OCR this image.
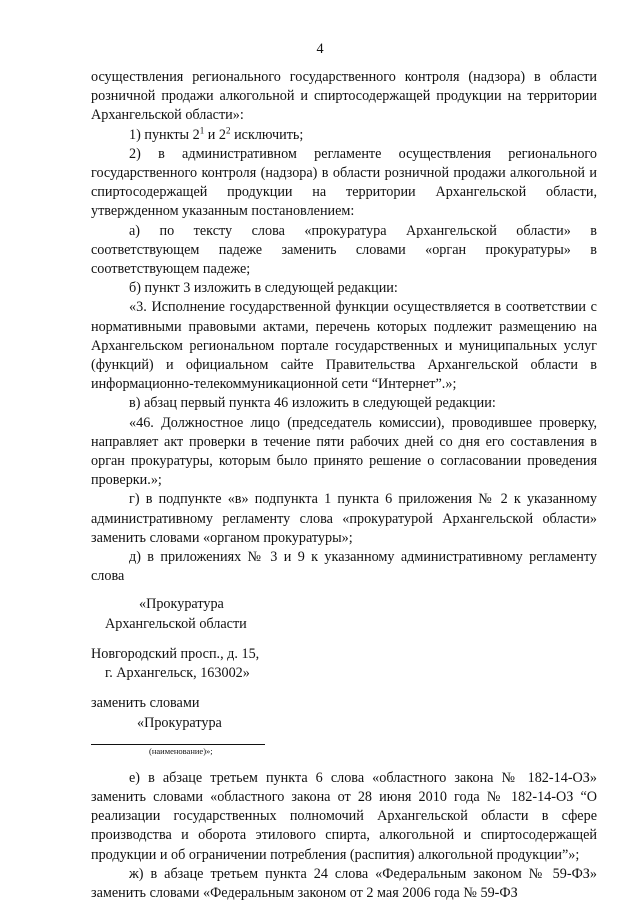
4

осуществления регионального государственного контроля (надзора) в области розничной продажи алкогольной и спиртосодержащей продукции на территории Архангельской области»:

1) пункты $2^1$ и $2^2$ исключить;

2) в административном регламенте осуществления регионального государственного контроля (надзора) в области розничной продажи алкогольной и спиртосодержащей продукции на территории Архангельской области, утвержденном указанным постановлением:

а) по тексту слова «прокуратура Архангельской области» в соответствующем падеже заменить словами «орган прокуратуры» в соответствующем падеже;

б) пункт 3 изложить в следующей редакции:

«3. Исполнение государственной функции осуществляется в соответствии с нормативными правовыми актами, перечень которых подлежит размещению на Архангельском региональном портале государственных и муниципальных услуг (функций) и официальном сайте Правительства Архангельской области в информационно-телекоммуникационной сети “Интернет”.»;

в) абзац первый пункта 46 изложить в следующей редакции:

«46. Должностное лицо (председатель комиссии), проводившее проверку, направляет акт проверки в течение пяти рабочих дней со дня его составления в орган прокуратуры, которым было принято решение о согласовании проведения проверки.»;

г) в подпункте «в» подпункта 1 пункта 6 приложения № 2 к указанному административному регламенту слова «прокуратурой Архангельской области» заменить словами «органом прокуратуры»;

д) в приложениях № 3 и 9 к указанному административному регламенту слова

«Прокуратура
Архангельской области
Новгородский просп., д. 15,
г. Архангельск, 163002»
заменить словами
«Прокуратура
(наименование)»;

е) в абзаце третьем пункта 6 слова «областного закона № 182-14-ОЗ» заменить словами «областного закона от 28 июня 2010 года № 182-14-ОЗ “О реализации государственных полномочий Архангельской области в сфере производства и оборота этилового спирта, алкогольной и спиртосодержащей продукции и об ограничении потребления (распития) алкогольной продукции”»;

ж) в абзаце третьем пункта 24 слова «Федеральным законом № 59-ФЗ» заменить словами «Федеральным законом от 2 мая 2006 года № 59-ФЗ
